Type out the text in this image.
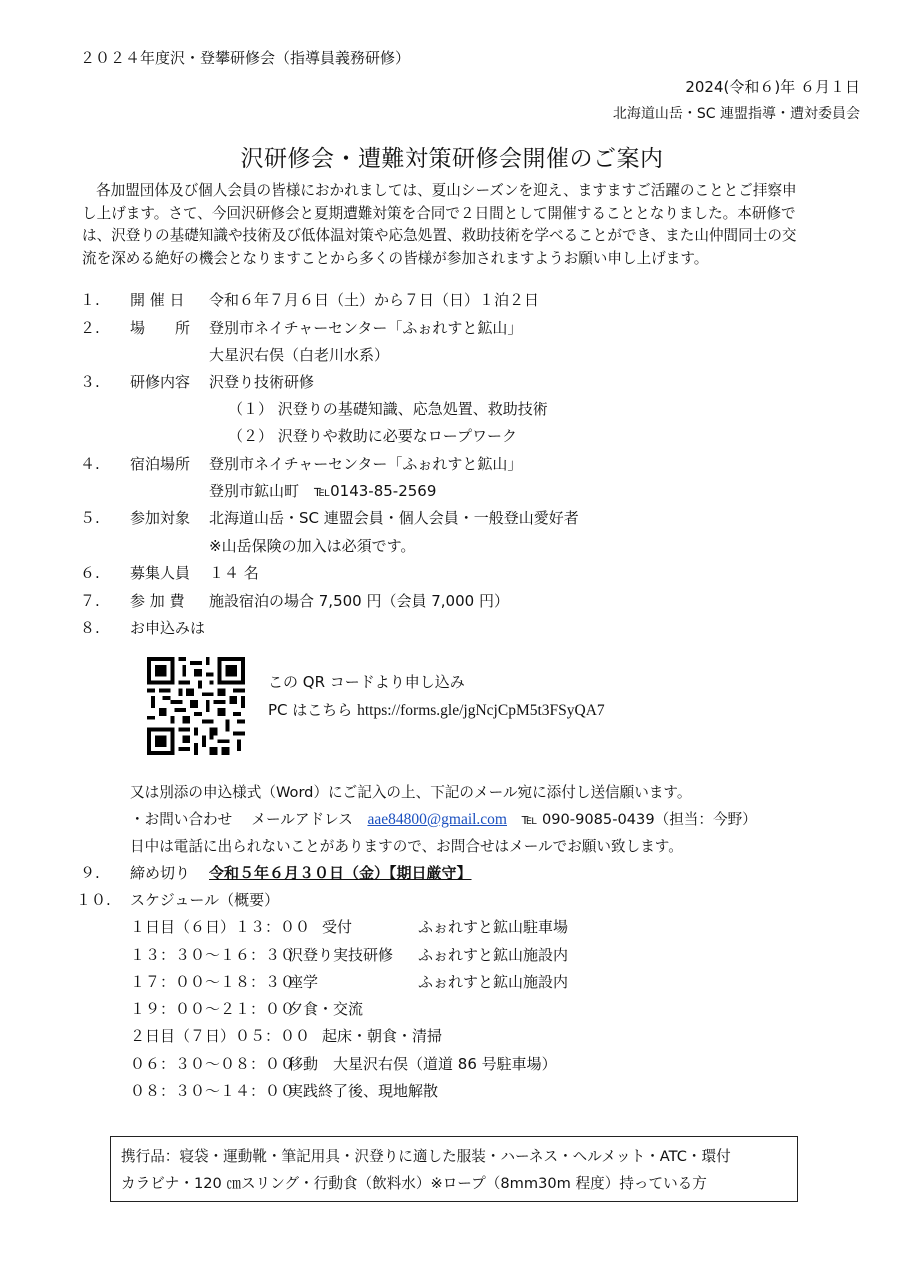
２０２４年度沢・登攀研修会（指導員義務研修）
2024(令和６)年 ６月１日
北海道山岳・SC 連盟指導・遭対委員会
沢研修会・遭難対策研修会開催のご案内

各加盟団体及び個人会員の皆様におかれましては、夏山シーズンを迎え、ますますご活躍のこととご拝察申

し上げます。さて、今回沢研修会と夏期遭難対策を合同で２日間として開催することとなりました。本研修で

は、沢登りの基礎知識や技術及び低体温対策や応急処置、救助技術を学べることができ、また山仲間同士の交

流を深める絶好の機会となりますことから多くの皆様が参加されますようお願い申し上げます。

１. 開 催 日 令和６年７月６日（土）から７日（日）１泊２日
２. 場　　所 登別市ネイチャーセンター「ふぉれすと鉱山」
大星沢右俣（白老川水系）
３. 研修内容 沢登り技術研修
（１） 沢登りの基礎知識、応急処置、救助技術
（２） 沢登りや救助に必要なロープワーク
４. 宿泊場所 登別市ネイチャーセンター「ふぉれすと鉱山」
登別市鉱山町　℡0143-85-2569
５. 参加対象 北海道山岳・SC 連盟会員・個人会員・一般登山愛好者
※山岳保険の加入は必須です。
６. 募集人員 １４ 名
７. 参 加 費 施設宿泊の場合 7,500 円（会員 7,000 円）
８. お申込みは
この QR コードより申し込み
PC はこちら https://forms.gle/jgNcjCpM5t3FSyQA7
又は別添の申込様式（Word）にご記入の上、下記のメール宛に添付し送信願います。
・お問い合わせ　 メールアドレス aae84800@gmail.com ℡ 090-9085-0439（担当：今野）
日中は電話に出られないことがありますので、お問合せはメールでお願い致します。
９. 締め切り 令和５年６月３０日（金）【期日厳守】
１０. スケジュール（概要）
１日目（６日）１３：００ 受付	ふぉれすと鉱山駐車場
１３：３０〜１６：３０
沢登り実技研修 ふぉれすと鉱山施設内
１７：００〜１８：３０
座学	ふぉれすと鉱山施設内
１９：００〜２１：００
夕食・交流
２日目（７日）０５：００ 起床・朝食・清掃
０６：３０〜０８：００
移動　大星沢右俣（道道 86 号駐車場）
０８：３０〜１４：００
実践終了後、現地解散
携行品：寝袋・運動靴・筆記用具・沢登りに適した服装・ハーネス・ヘルメット・ATC・環付
カラビナ・120 ㎝スリング・行動食（飲料水）※ロープ（8mm30m 程度）持っている方
